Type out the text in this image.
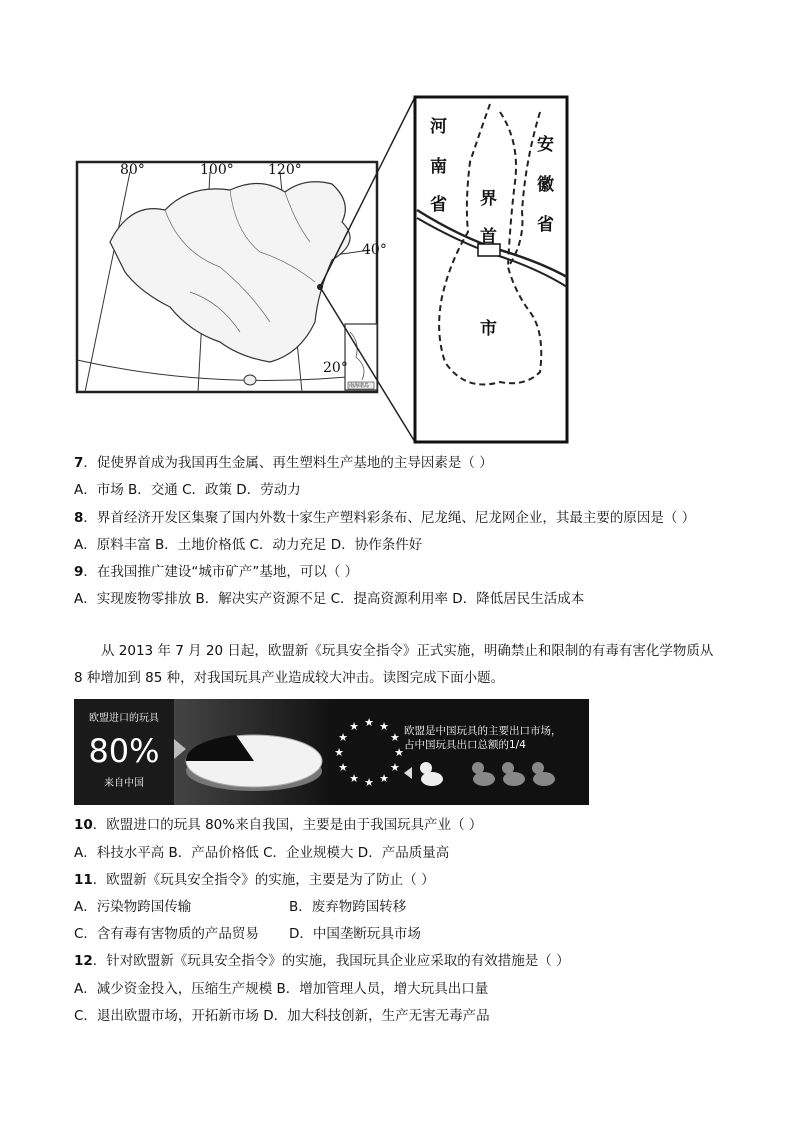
80°	100° 120°
40°
20°
南海诸岛
河
南
省
安
徽
省
界
首
市
7．促使界首成为我国再生金属、再生塑料生产基地的主导因素是（ ）
A．市场 B．交通 C．政策 D．劳动力
8．界首经济开发区集聚了国内外数十家生产塑料彩条布、尼龙绳、尼龙网企业，其最主要的原因是（ ）
A．原料丰富 B．土地价格低 C．动力充足 D．协作条件好
9．在我国推广建设“城市矿产”基地，可以（ ）
A．实现废物零排放 B．解决实产资源不足 C．提高资源利用率 D．降低居民生活成本
从 2013 年 7 月 20 日起，欧盟新《玩具安全指令》正式实施，明确禁止和限制的有毒有害化学物质从 8 种增加到 85 种，对我国玩具产业造成较大冲击。读图完成下面小题。
欧盟进口的玩具
80%
来自中国
★ ★
★
★
★
★
★
★
★
★
★
★	欧盟是中国玩具的主要出口市场，
占中国玩具出口总额的1/4
10．欧盟进口的玩具 80%来自我国，主要是由于我国玩具产业（ ）
A．科技水平高 B．产品价格低 C．企业规模大 D．产品质量高
11．欧盟新《玩具安全指令》的实施，主要是为了防止（ ）
A．污染物跨国传输	B．废弃物跨国转移
C．含有毒有害物质的产品贸易 D．中国垄断玩具市场
12．针对欧盟新《玩具安全指令》的实施，我国玩具企业应采取的有效措施是（ ）
A．减少资金投入，压缩生产规模 B．增加管理人员，增大玩具出口量
C．退出欧盟市场，开拓新市场 D．加大科技创新，生产无害无毒产品
